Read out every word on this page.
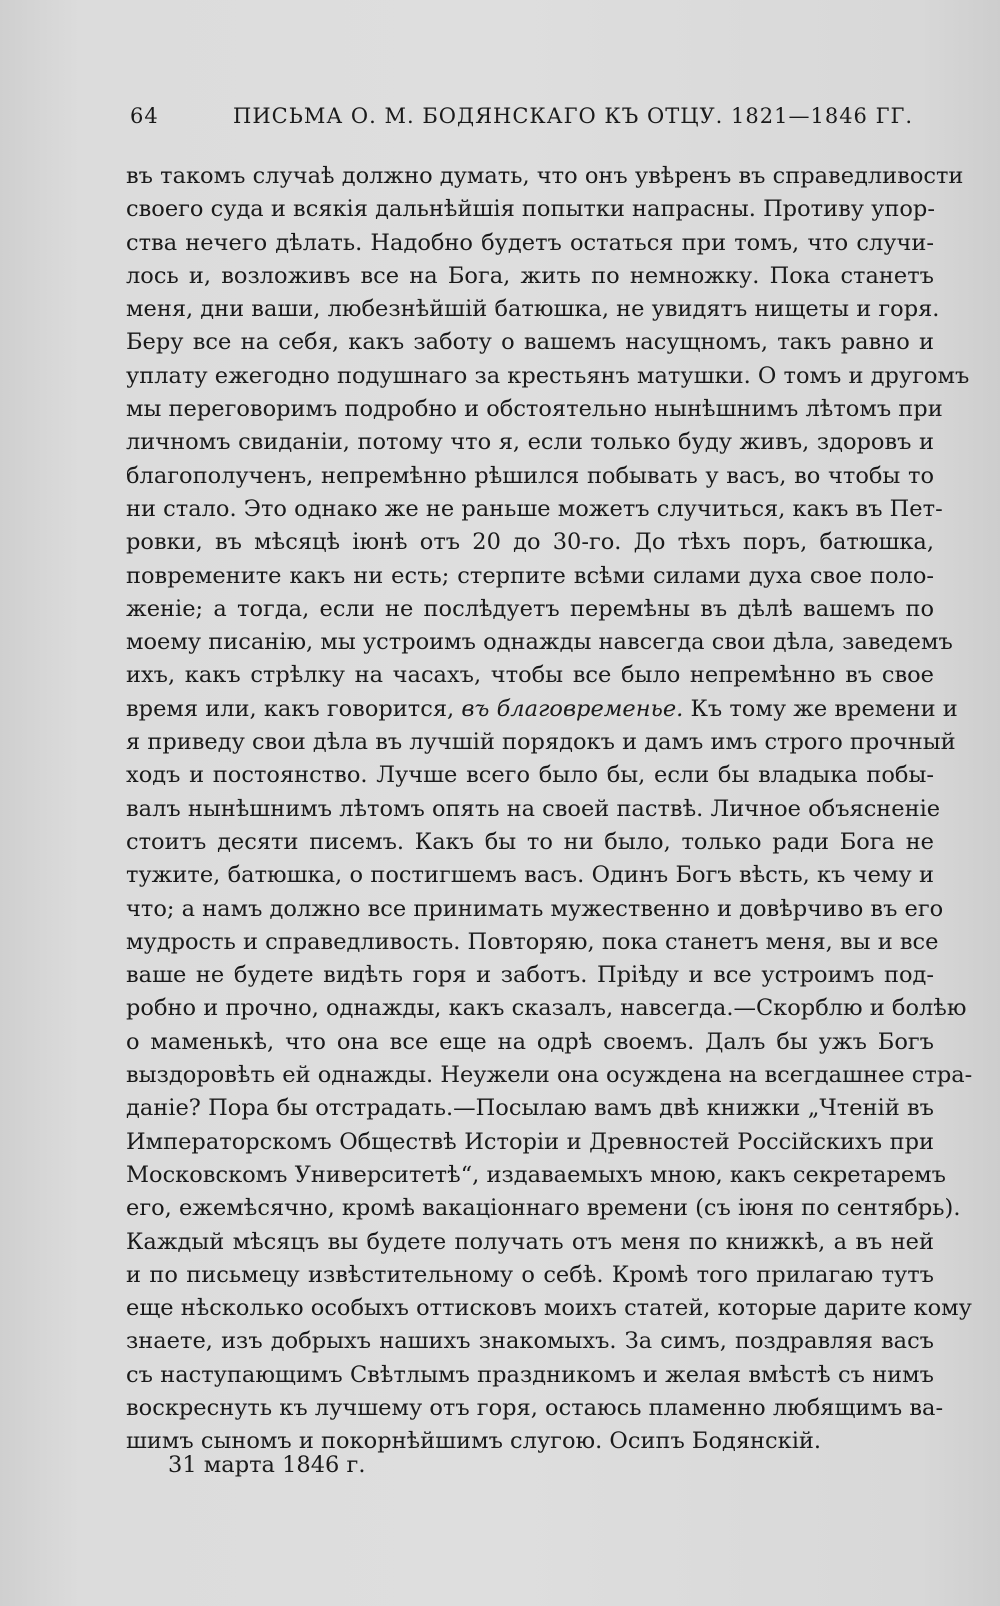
64	ПИСЬМА О. М. БОДЯНСКАГО КЪ ОТЦУ. 1821—1846 ГГ.
въ такомъ случаѣ должно думать, что онъ увѣренъ въ справедливости
своего суда и всякія дальнѣйшія попытки напрасны. Противу упор-
ства нечего дѣлать. Надобно будетъ остаться при томъ, что случи-
лось и, возложивъ все на Бога, жить по немножку. Пока станетъ
меня, дни ваши, любезнѣйшій батюшка, не увидятъ нищеты и горя.
Беру все на себя, какъ заботу о вашемъ насущномъ, такъ равно и
уплату ежегодно подушнаго за крестьянъ матушки. О томъ и другомъ
мы переговоримъ подробно и обстоятельно нынѣшнимъ лѣтомъ при
личномъ свиданіи, потому что я, если только буду живъ, здоровъ и
благополученъ, непремѣнно рѣшился побывать у васъ, во чтобы то
ни стало. Это однако же не раньше можетъ случиться, какъ въ Пет-
ровки, въ мѣсяцѣ іюнѣ отъ 20 до 30-го. До тѣхъ поръ, батюшка,
повремените какъ ни есть; стерпите всѣми силами духа свое поло-
женіе; а тогда, если не послѣдуетъ перемѣны въ дѣлѣ вашемъ по
моему писанію, мы устроимъ однажды навсегда свои дѣла, заведемъ
ихъ, какъ стрѣлку на часахъ, чтобы все было непремѣнно въ свое
время или, какъ говорится, въ благовременье. Къ тому же времени и
я приведу свои дѣла въ лучшій порядокъ и дамъ имъ строго прочный
ходъ и постоянство. Лучше всего было бы, если бы владыка побы-
валъ нынѣшнимъ лѣтомъ опять на своей паствѣ. Личное объясненіе
стоитъ десяти писемъ. Какъ бы то ни было, только ради Бога не
тужите, батюшка, о постигшемъ васъ. Одинъ Богъ вѣсть, къ чему и
что; а намъ должно все принимать мужественно и довѣрчиво въ его
мудрость и справедливость. Повторяю, пока станетъ меня, вы и все
ваше не будете видѣть горя и заботъ. Пріѣду и все устроимъ под-
робно и прочно, однажды, какъ сказалъ, навсегда.—Скорблю и болѣю
о маменькѣ, что она все еще на одрѣ своемъ. Далъ бы ужъ Богъ
выздоровѣть ей однажды. Неужели она осуждена на всегдашнее стра-
даніе? Пора бы отстрадать.—Посылаю вамъ двѣ книжки „Чтеній въ
Императорскомъ Обществѣ Исторіи и Древностей Россійскихъ при
Московскомъ Университетѣ“, издаваемыхъ мною, какъ секретаремъ
его, ежемѣсячно, кромѣ вакаціоннаго времени (съ іюня по сентябрь).
Каждый мѣсяцъ вы будете получать отъ меня по книжкѣ, а въ ней
и по письмецу извѣстительному о себѣ. Кромѣ того прилагаю тутъ
еще нѣсколько особыхъ оттисковъ моихъ статей, которые дарите кому
знаете, изъ добрыхъ нашихъ знакомыхъ. За симъ, поздравляя васъ
съ наступающимъ Свѣтлымъ праздникомъ и желая вмѣстѣ съ нимъ
воскреснуть къ лучшему отъ горя, остаюсь пламенно любящимъ ва-
шимъ сыномъ и покорнѣйшимъ слугою. Осипъ Бодянскій.
31 марта 1846 г.
